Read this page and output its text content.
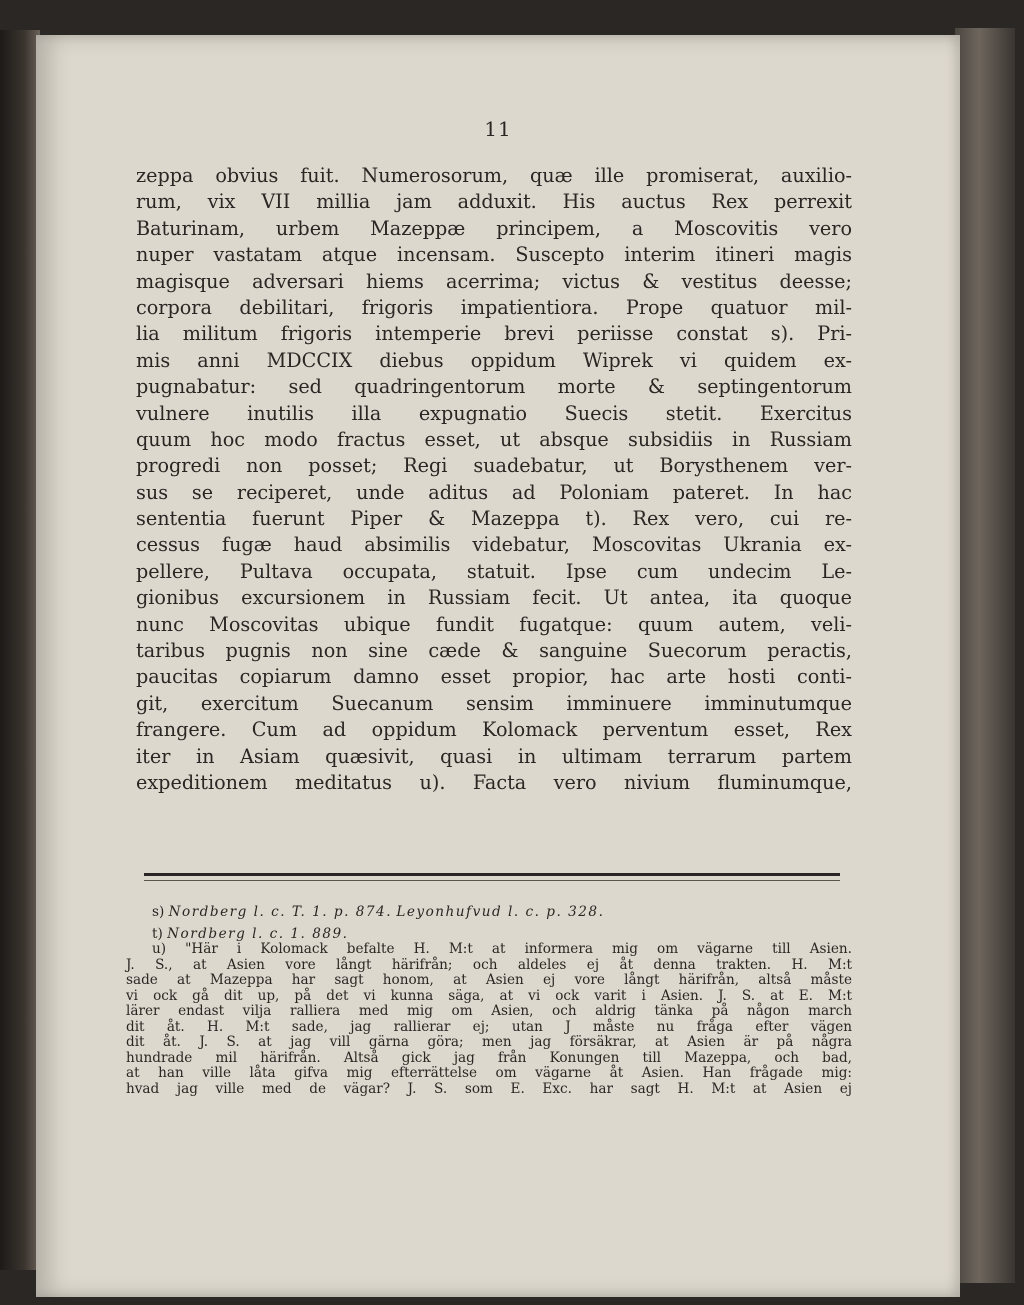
11
zeppa obvius fuit. Numerosorum, quæ ille promiserat, auxilio-
rum, vix VII millia jam adduxit. His auctus Rex perrexit
Baturinam, urbem Mazeppæ principem, a Moscovitis vero
nuper vastatam atque incensam. Suscepto interim itineri magis
magisque adversari hiems acerrima; victus & vestitus deesse;
corpora debilitari, frigoris impatientiora. Prope quatuor mil-
lia militum frigoris intemperie brevi periisse constat s). Pri-
mis anni MDCCIX diebus oppidum Wiprek vi quidem ex-
pugnabatur: sed quadringentorum morte & septingentorum
vulnere inutilis illa expugnatio Suecis stetit. Exercitus
quum hoc modo fractus esset, ut absque subsidiis in Russiam
progredi non posset; Regi suadebatur, ut Borysthenem ver-
sus se reciperet, unde aditus ad Poloniam pateret. In hac
sententia fuerunt Piper & Mazeppa t). Rex vero, cui re-
cessus fugæ haud absimilis videbatur, Moscovitas Ukrania ex-
pellere, Pultava occupata, statuit. Ipse cum undecim Le-
gionibus excursionem in Russiam fecit. Ut antea, ita quoque
nunc Moscovitas ubique fundit fugatque: quum autem, veli-
taribus pugnis non sine cæde & sanguine Suecorum peractis,
paucitas copiarum damno esset propior, hac arte hosti conti-
git, exercitum Suecanum sensim imminuere imminutumque
frangere. Cum ad oppidum Kolomack perventum esset, Rex
iter in Asiam quæsivit, quasi in ultimam terrarum partem
expeditionem meditatus u). Facta vero nivium fluminumque,
s) Nordberg l. c. T. 1. p. 874. Leyonhufvud l. c. p. 328.
t) Nordberg l. c. 1. 889.
u) "Här i Kolomack befalte H. M:t at informera mig om vägarne till Asien.
J. S., at Asien vore långt härifrån; och aldeles ej åt denna trakten. H. M:t
sade at Mazeppa har sagt honom, at Asien ej vore långt härifrån, altså måste
vi ock gå dit up, på det vi kunna säga, at vi ock varit i Asien. J. S. at E. M:t
lärer endast vilja ralliera med mig om Asien, och aldrig tänka på någon march
dit åt. H. M:t sade, jag rallierar ej; utan J måste nu fråga efter vägen
dit åt. J. S. at jag vill gärna göra; men jag försäkrar, at Asien är på några
hundrade mil härifrån. Altså gick jag från Konungen till Mazeppa, och bad,
at han ville låta gifva mig efterrättelse om vägarne åt Asien. Han frågade mig:
hvad jag ville med de vägar? J. S. som E. Exc. har sagt H. M:t at Asien ej
